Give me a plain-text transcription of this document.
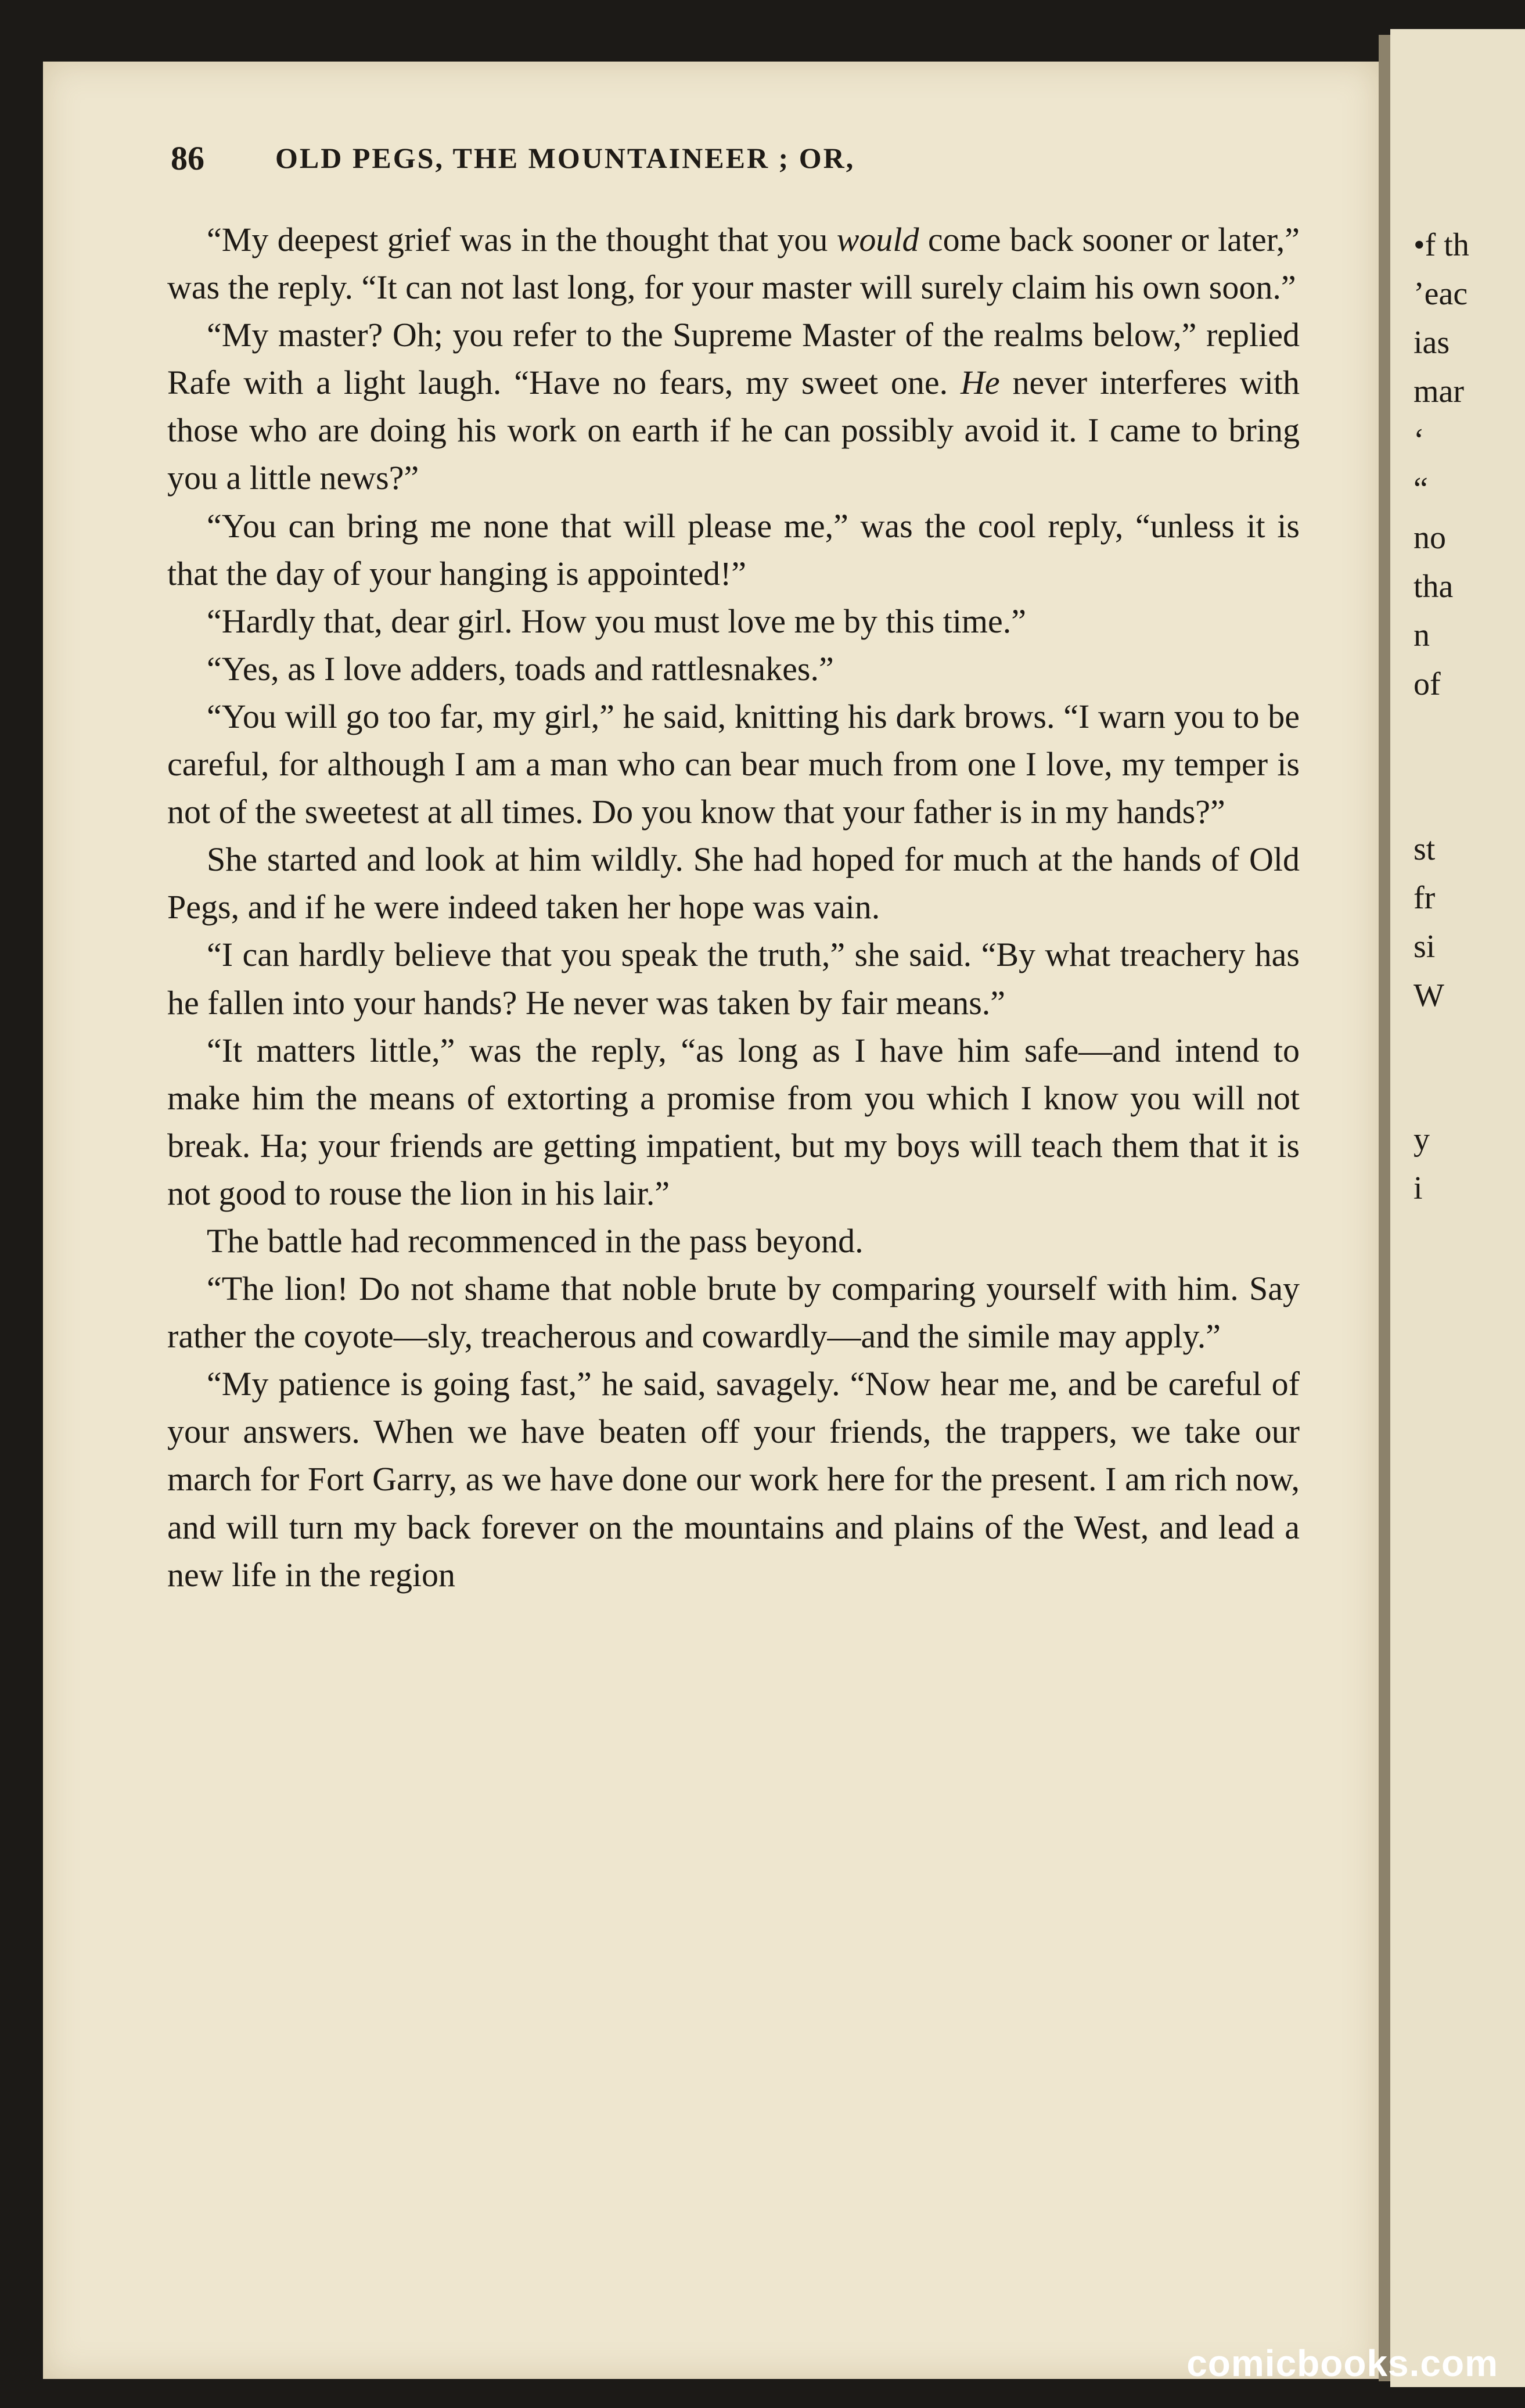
86	OLD PEGS, THE MOUNTAINEER ; OR,

“My deepest grief was in the thought that you would come back sooner or later,” was the reply. “It can not last long, for your master will surely claim his own soon.”

“My master? Oh; you refer to the Supreme Master of the realms below,” replied Rafe with a light laugh. “Have no fears, my sweet one. He never interferes with those who are doing his work on earth if he can possibly avoid it. I came to bring you a little news?”

“You can bring me none that will please me,” was the cool reply, “unless it is that the day of your hanging is appointed!”

“Hardly that, dear girl. How you must love me by this time.”

“Yes, as I love adders, toads and rattlesnakes.”

“You will go too far, my girl,” he said, knitting his dark brows. “I warn you to be careful, for although I am a man who can bear much from one I love, my temper is not of the sweetest at all times. Do you know that your father is in my hands?”

She started and look at him wildly. She had hoped for much at the hands of Old Pegs, and if he were indeed taken her hope was vain.

“I can hardly believe that you speak the truth,” she said. “By what treachery has he fallen into your hands? He never was taken by fair means.”

“It matters little,” was the reply, “as long as I have him safe—and intend to make him the means of extorting a promise from you which I know you will not break. Ha; your friends are getting impatient, but my boys will teach them that it is not good to rouse the lion in his lair.”

The battle had recommenced in the pass beyond.

“The lion! Do not shame that noble brute by comparing yourself with him. Say rather the coyote—sly, treacherous and cowardly—and the simile may apply.”

“My patience is going fast,” he said, savagely. “Now hear me, and be careful of your answers. When we have beaten off your friends, the trappers, we take our march for Fort Garry, as we have done our work here for the present. I am rich now, and will turn my back forever on the mountains and plains of the West, and lead a new life in the region

•f th
’eac
ias
mar
‘
“
no
tha
n
of
st
fr
si
W
y
i
comicbooks.com
